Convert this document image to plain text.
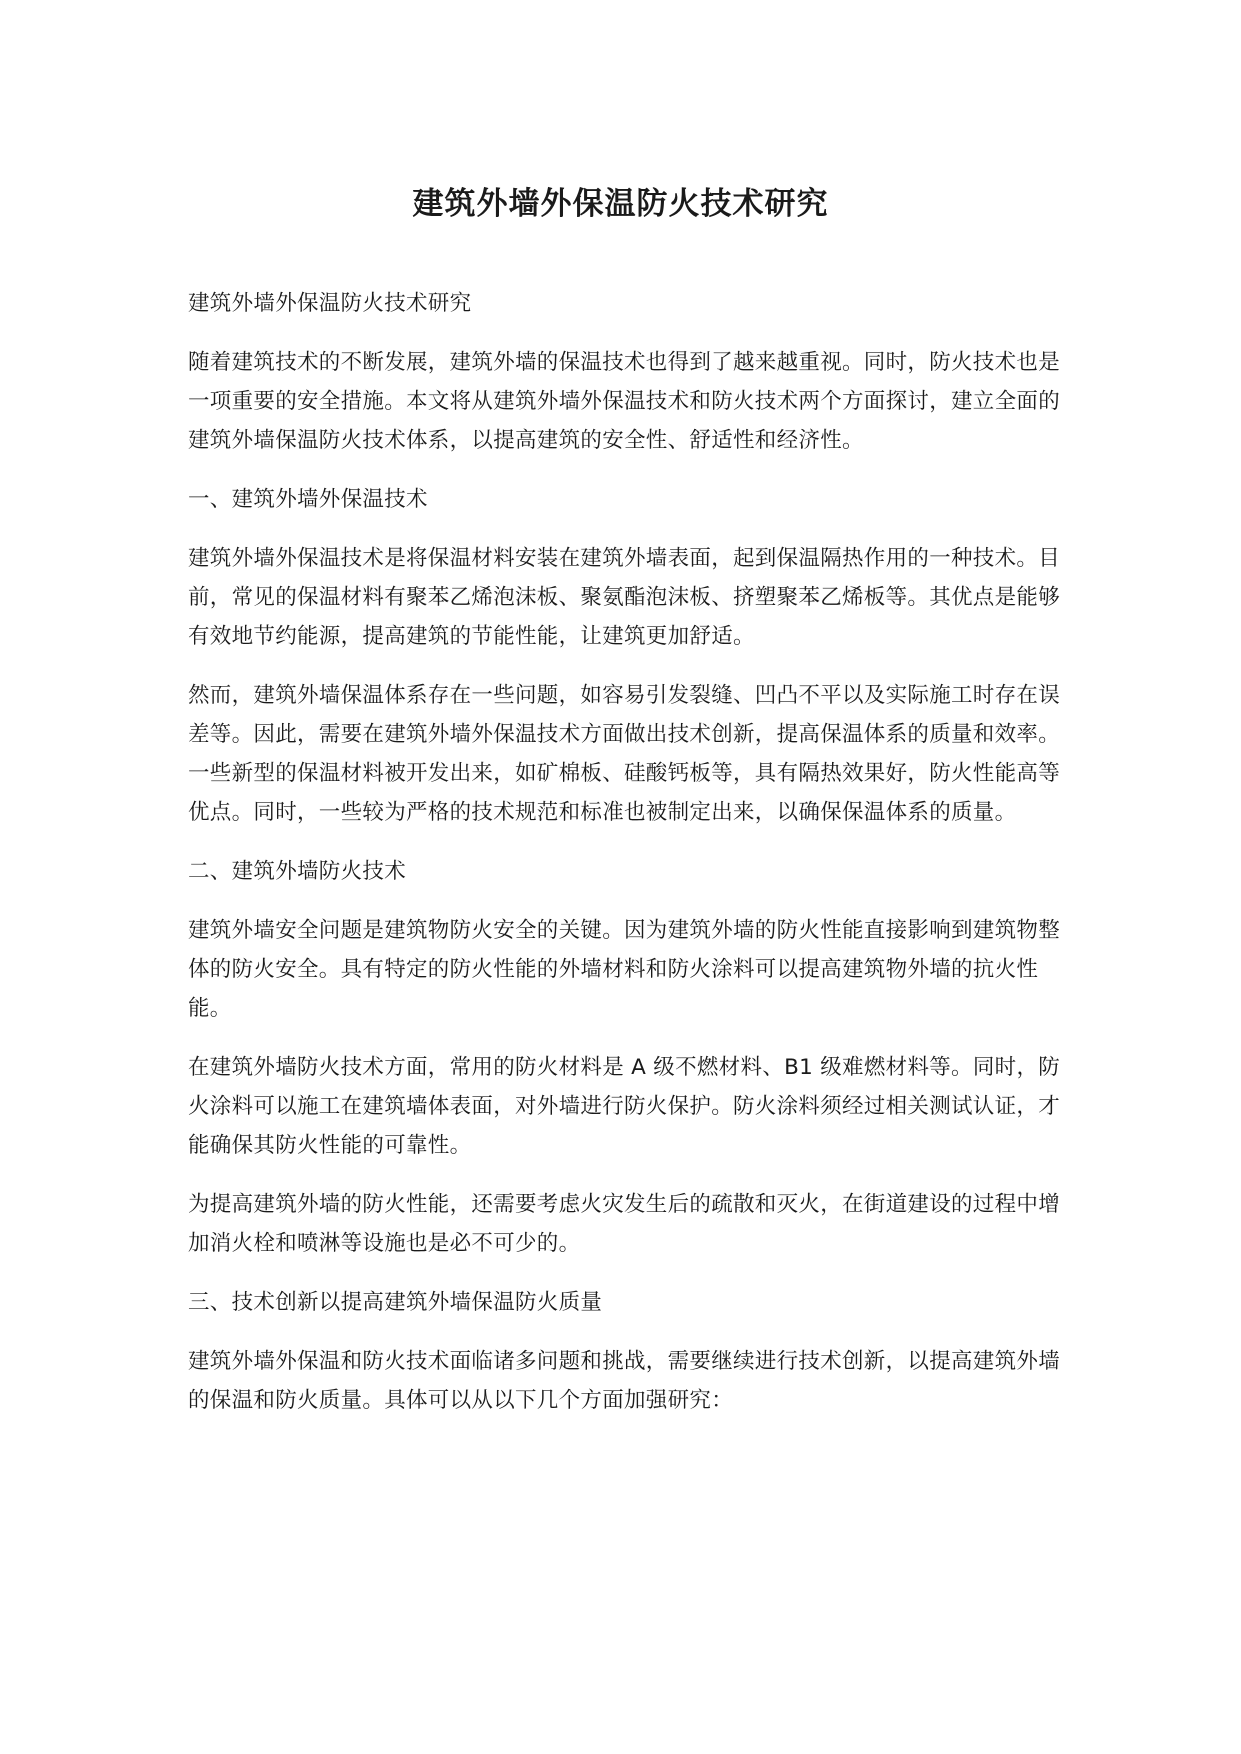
建筑外墙外保温防火技术研究

建筑外墙外保温防火技术研究

随着建筑技术的不断发展，建筑外墙的保温技术也得到了越来越重视。同时，防火技术也是一项重要的安全措施。本文将从建筑外墙外保温技术和防火技术两个方面探讨，建立全面的建筑外墙保温防火技术体系，以提高建筑的安全性、舒适性和经济性。

一、建筑外墙外保温技术

建筑外墙外保温技术是将保温材料安装在建筑外墙表面，起到保温隔热作用的一种技术。目前，常见的保温材料有聚苯乙烯泡沫板、聚氨酯泡沫板、挤塑聚苯乙烯板等。其优点是能够有效地节约能源，提高建筑的节能性能，让建筑更加舒适。

然而，建筑外墙保温体系存在一些问题，如容易引发裂缝、凹凸不平以及实际施工时存在误差等。因此，需要在建筑外墙外保温技术方面做出技术创新，提高保温体系的质量和效率。 一些新型的保温材料被开发出来，如矿棉板、硅酸钙板等，具有隔热效果好，防火性能高等优点。同时，一些较为严格的技术规范和标准也被制定出来，以确保保温体系的质量。

二、建筑外墙防火技术

建筑外墙安全问题是建筑物防火安全的关键。因为建筑外墙的防火性能直接影响到建筑物整体的防火安全。具有特定的防火性能的外墙材料和防火涂料可以提高建筑物外墙的抗火性能。

在建筑外墙防火技术方面，常用的防火材料是 A 级不燃材料、B1 级难燃材料等。同时，防火涂料可以施工在建筑墙体表面，对外墙进行防火保护。防火涂料须经过相关测试认证，才能确保其防火性能的可靠性。

为提高建筑外墙的防火性能，还需要考虑火灾发生后的疏散和灭火，在街道建设的过程中增加消火栓和喷淋等设施也是必不可少的。

三、技术创新以提高建筑外墙保温防火质量

建筑外墙外保温和防火技术面临诸多问题和挑战，需要继续进行技术创新，以提高建筑外墙的保温和防火质量。具体可以从以下几个方面加强研究：
